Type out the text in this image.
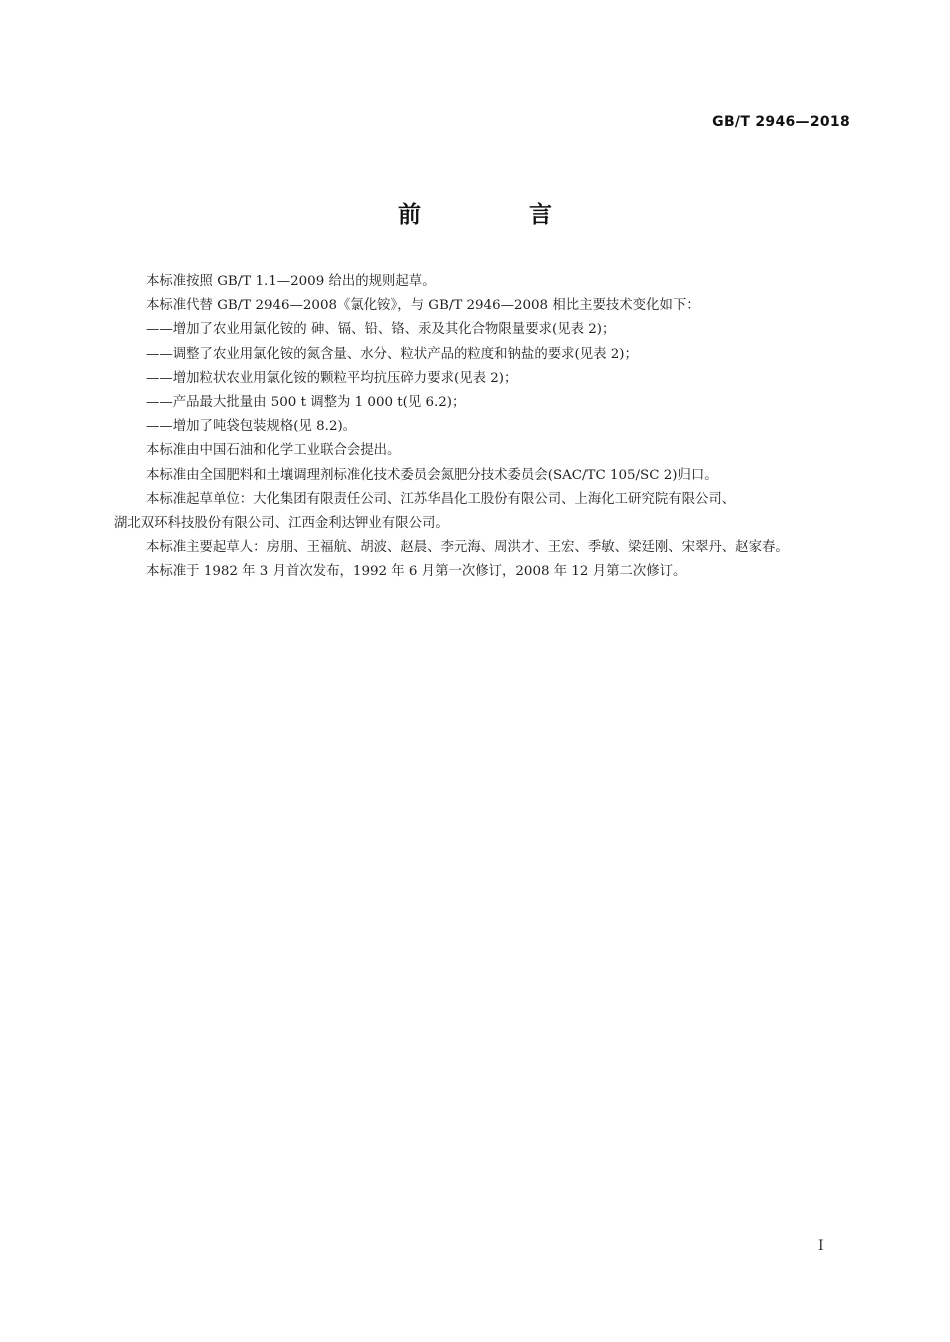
GB/T 2946—2018
前 言

本标准按照 GB/T 1.1—2009 给出的规则起草。

本标准代替 GB/T 2946—2008《氯化铵》，与 GB/T 2946—2008 相比主要技术变化如下：

——增加了农业用氯化铵的 砷、镉、铅、铬、汞及其化合物限量要求(见表 2)；

——调整了农业用氯化铵的氮含量、水分、粒状产品的粒度和钠盐的要求(见表 2)；

——增加粒状农业用氯化铵的颗粒平均抗压碎力要求(见表 2)；

——产品最大批量由 500 t 调整为 1 000 t(见 6.2)；

——增加了吨袋包装规格(见 8.2)。

本标准由中国石油和化学工业联合会提出。

本标准由全国肥料和土壤调理剂标准化技术委员会氮肥分技术委员会(SAC/TC 105/SC 2)归口。

本标准起草单位：大化集团有限责任公司、江苏华昌化工股份有限公司、上海化工研究院有限公司、

湖北双环科技股份有限公司、江西金利达钾业有限公司。

本标准主要起草人：房朋、王福航、胡波、赵晨、李元海、周洪才、王宏、季敏、梁廷刚、宋翠丹、赵家春。

本标准于 1982 年 3 月首次发布，1992 年 6 月第一次修订，2008 年 12 月第二次修订。

I
